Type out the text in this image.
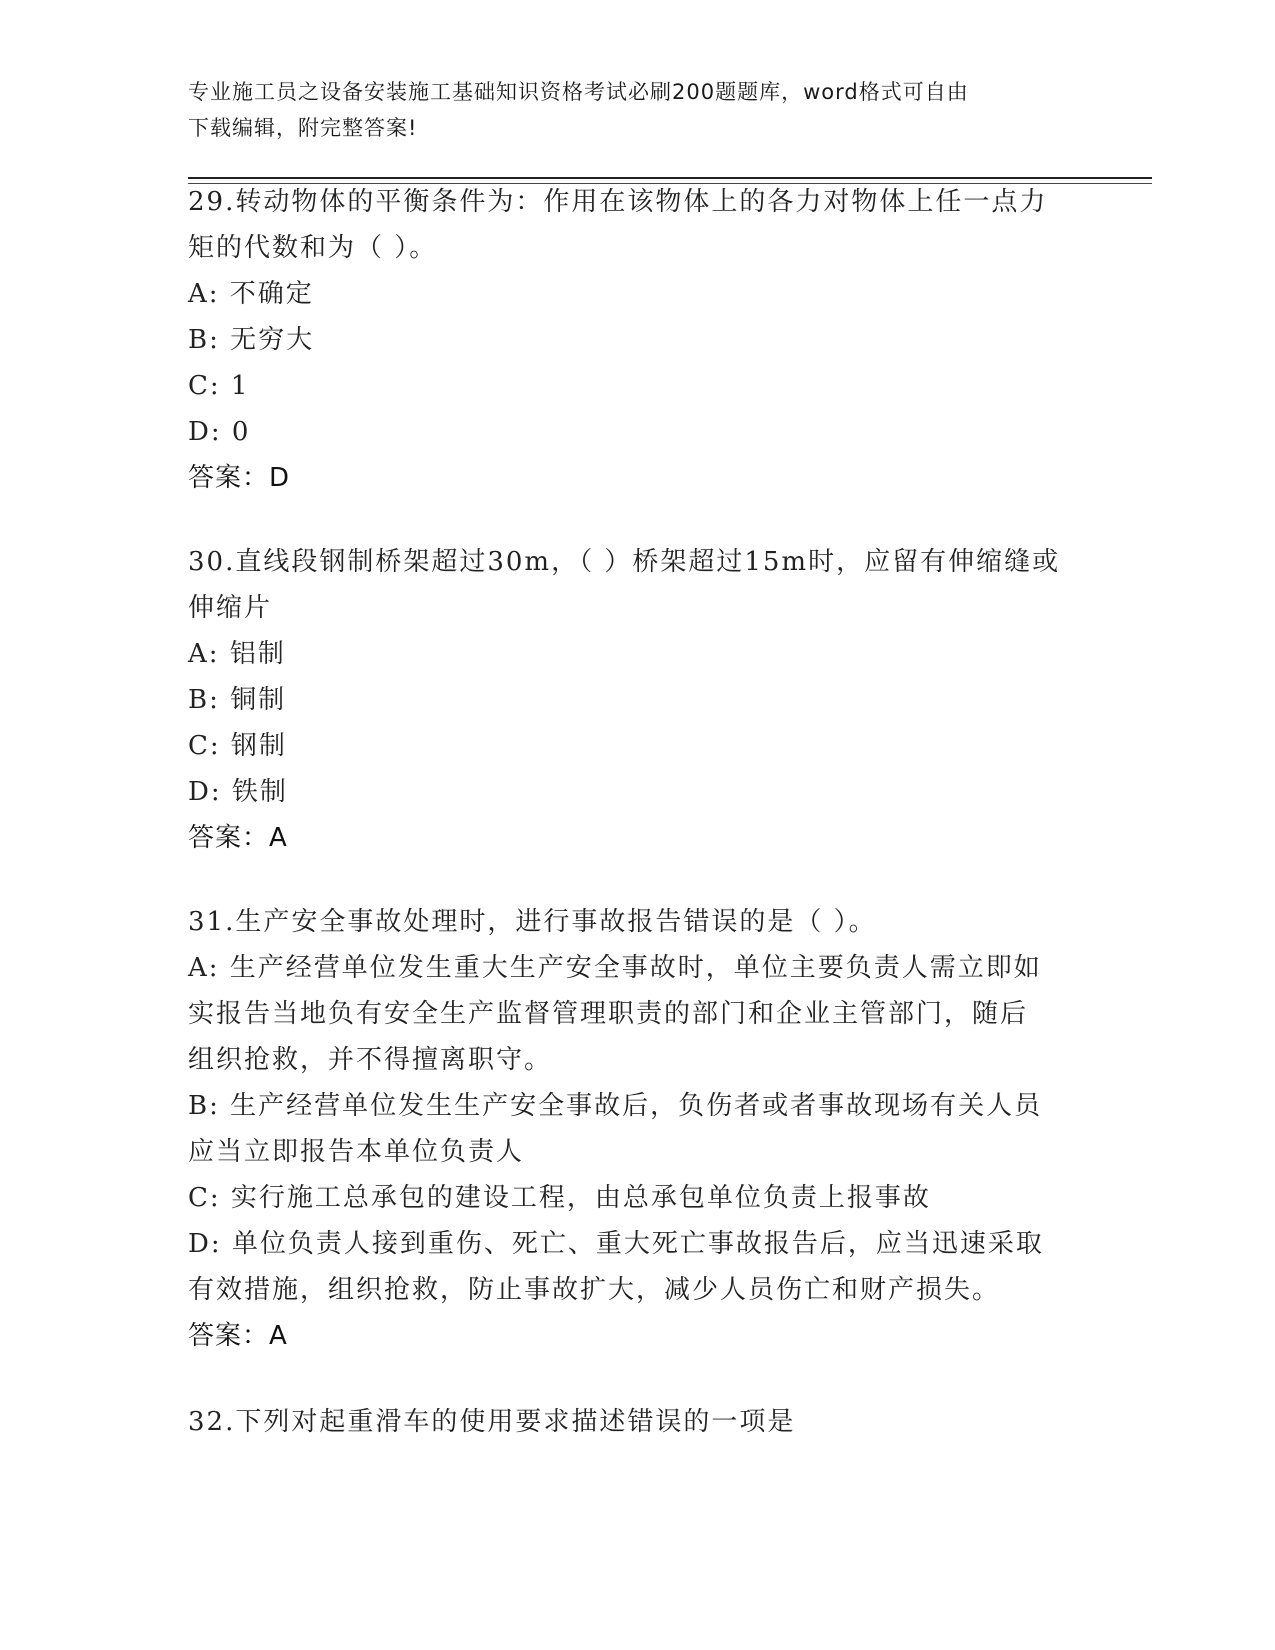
专业施工员之设备安装施工基础知识资格考试必刷200题题库，word格式可自由
下载编辑，附完整答案!
29.转动物体的平衡条件为：作用在该物体上的各力对物体上任一点力
矩的代数和为（ ）。
A: 不确定
B: 无穷大
C: 1
D: 0
答案：D
30.直线段钢制桥架超过30m，（ ）桥架超过15m时，应留有伸缩缝或
伸缩片
A: 铝制
B: 铜制
C: 钢制
D: 铁制
答案：A
31.生产安全事故处理时，进行事故报告错误的是（ ）。
A: 生产经营单位发生重大生产安全事故时，单位主要负责人需立即如
实报告当地负有安全生产监督管理职责的部门和企业主管部门，随后
组织抢救，并不得擅离职守。
B: 生产经营单位发生生产安全事故后，负伤者或者事故现场有关人员
应当立即报告本单位负责人
C: 实行施工总承包的建设工程，由总承包单位负责上报事故
D: 单位负责人接到重伤、死亡、重大死亡事故报告后，应当迅速采取
有效措施，组织抢救，防止事故扩大，减少人员伤亡和财产损失。
答案：A
32.下列对起重滑车的使用要求描述错误的一项是
